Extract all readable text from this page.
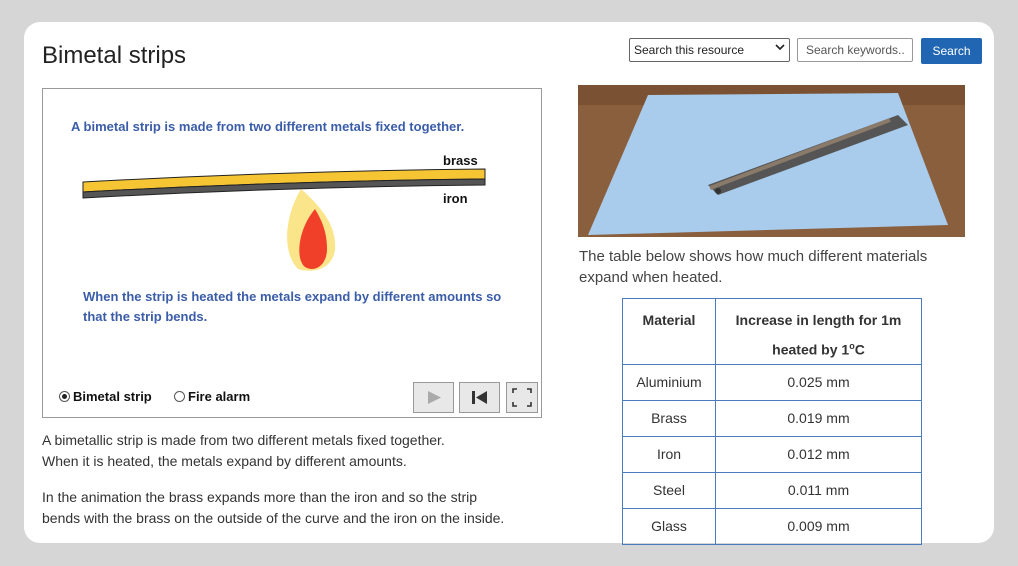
Bimetal strips	Search this resource	Search keywords..	Search
A bimetal strip is made from two different metals fixed together.
brass
iron
When the strip is heated the metals expand by different amounts so that the strip bends.
Bimetal strip	Fire alarm
A bimetallic strip is made from two different metals fixed together.
When it is heated, the metals expand by different amounts.
In the animation the brass expands more than the iron and so the strip
bends with the brass on the outside of the curve and the iron on the inside.
The table below shows how much different materials expand when heated.
Material	Increase in length for 1m
heated by 1$^o$C

Aluminium	0.025 mm
Brass	0.019 mm
Iron	0.012 mm
Steel	0.011 mm
Glass	0.009 mm
